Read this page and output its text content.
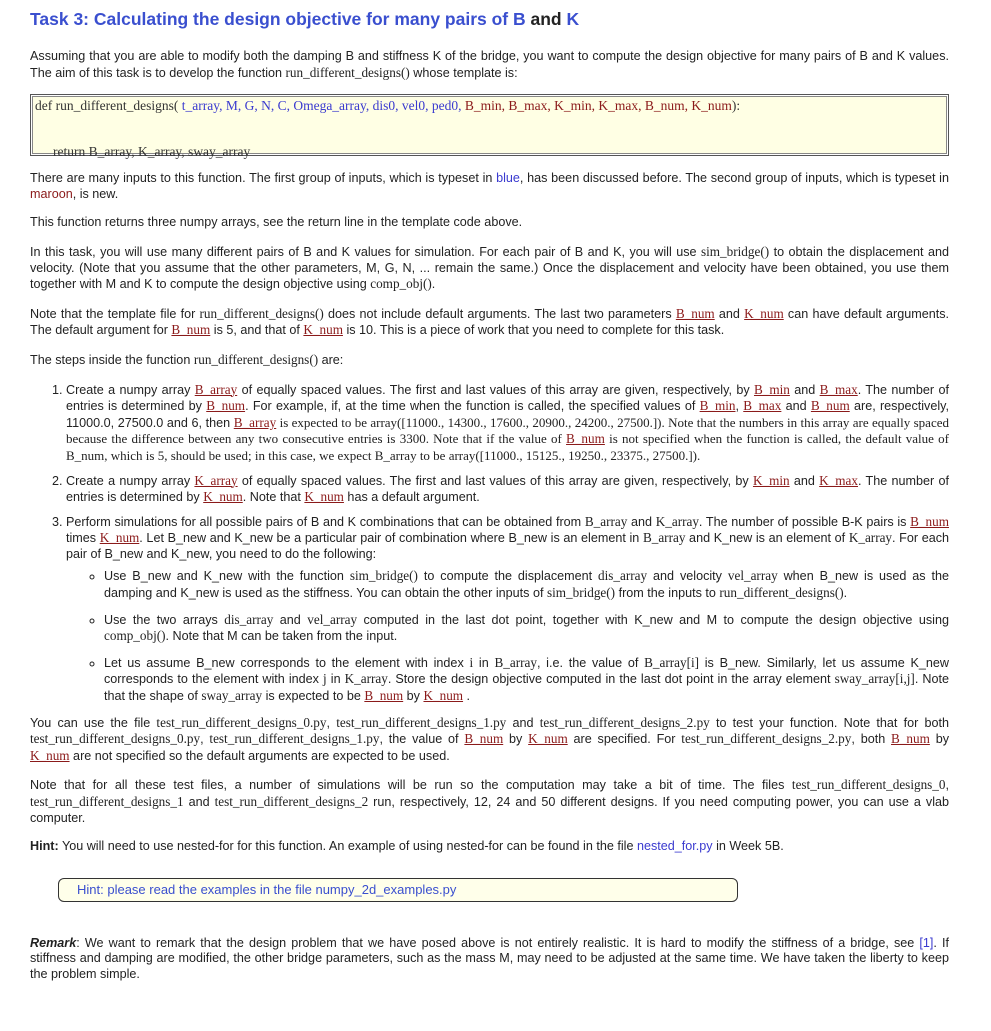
Task 3: Calculating the design objective for many pairs of B and K

Assuming that you are able to modify both the damping B and stiffness K of the bridge, you want to compute the design objective for many pairs of B and K values. The aim of this task is to develop the function run_different_designs() whose template is:

def run_different_designs( t_array, M, G, N, C, Omega_array, dis0, vel0, ped0, B_min, B_max, K_min, K_max, B_num, K_num):
return B_array, K_array, sway_array

There are many inputs to this function. The first group of inputs, which is typeset in blue, has been discussed before. The second group of inputs, which is typeset in maroon, is new.

This function returns three numpy arrays, see the return line in the template code above.

In this task, you will use many different pairs of B and K values for simulation. For each pair of B and K, you will use sim_bridge() to obtain the displacement and velocity. (Note that you assume that the other parameters, M, G, N, ... remain the same.) Once the displacement and velocity have been obtained, you use them together with M and K to compute the design objective using comp_obj().

Note that the template file for run_different_designs() does not include default arguments. The last two parameters B_num and K_num can have default arguments. The default argument for B_num is 5, and that of K_num is 10. This is a piece of work that you need to complete for this task.

The steps inside the function run_different_designs() are:

1. Create a numpy array B_array of equally spaced values. The first and last values of this array are given, respectively, by B_min and B_max. The number of entries is determined by B_num. For example, if, at the time when the function is called, the specified values of B_min, B_max and B_num are, respectively, 11000.0, 27500.0 and 6, then B_array is expected to be array([11000., 14300., 17600., 20900., 24200., 27500.]). Note that the numbers in this array are equally spaced because the difference between any two consecutive entries is 3300. Note that if the value of B_num is not specified when the function is called, the default value of B_num, which is 5, should be used; in this case, we expect B_array to be array([11000., 15125., 19250., 23375., 27500.]).
2. Create a numpy array K_array of equally spaced values. The first and last values of this array are given, respectively, by K_min and K_max. The number of entries is determined by K_num. Note that K_num has a default argument.
3. Perform simulations for all possible pairs of B and K combinations that can be obtained from B_array and K_array. The number of possible B-K pairs is B_num times K_num. Let B_new and K_new be a particular pair of combination where B_new is an element in B_array and K_new is an element of K_array. For each pair of B_new and K_new, you need to do the following:
◦ Use B_new and K_new with the function sim_bridge() to compute the displacement dis_array and velocity vel_array when B_new is used as the damping and K_new is used as the stiffness. You can obtain the other inputs of sim_bridge() from the inputs to run_different_designs().
◦ Use the two arrays dis_array and vel_array computed in the last dot point, together with K_new and M to compute the design objective using comp_obj(). Note that M can be taken from the input.
◦ Let us assume B_new corresponds to the element with index i in B_array, i.e. the value of B_array[i] is B_new. Similarly, let us assume K_new corresponds to the element with index j in K_array. Store the design objective computed in the last dot point in the array element sway_array[i,j]. Note that the shape of sway_array is expected to be B_num by K_num .

You can use the file test_run_different_designs_0.py, test_run_different_designs_1.py and test_run_different_designs_2.py to test your function. Note that for both test_run_different_designs_0.py, test_run_different_designs_1.py, the value of B_num by K_num are specified. For test_run_different_designs_2.py, both B_num by K_num are not specified so the default arguments are expected to be used.

Note that for all these test files, a number of simulations will be run so the computation may take a bit of time. The files test_run_different_designs_0, test_run_different_designs_1 and test_run_different_designs_2 run, respectively, 12, 24 and 50 different designs. If you need computing power, you can use a vlab computer.

Hint: You will need to use nested-for for this function. An example of using nested-for can be found in the file nested_for.py in Week 5B.

Hint: please read the examples in the file numpy_2d_examples.py

Remark: We want to remark that the design problem that we have posed above is not entirely realistic. It is hard to modify the stiffness of a bridge, see [1]. If stiffness and damping are modified, the other bridge parameters, such as the mass M, may need to be adjusted at the same time. We have taken the liberty to keep the problem simple.
